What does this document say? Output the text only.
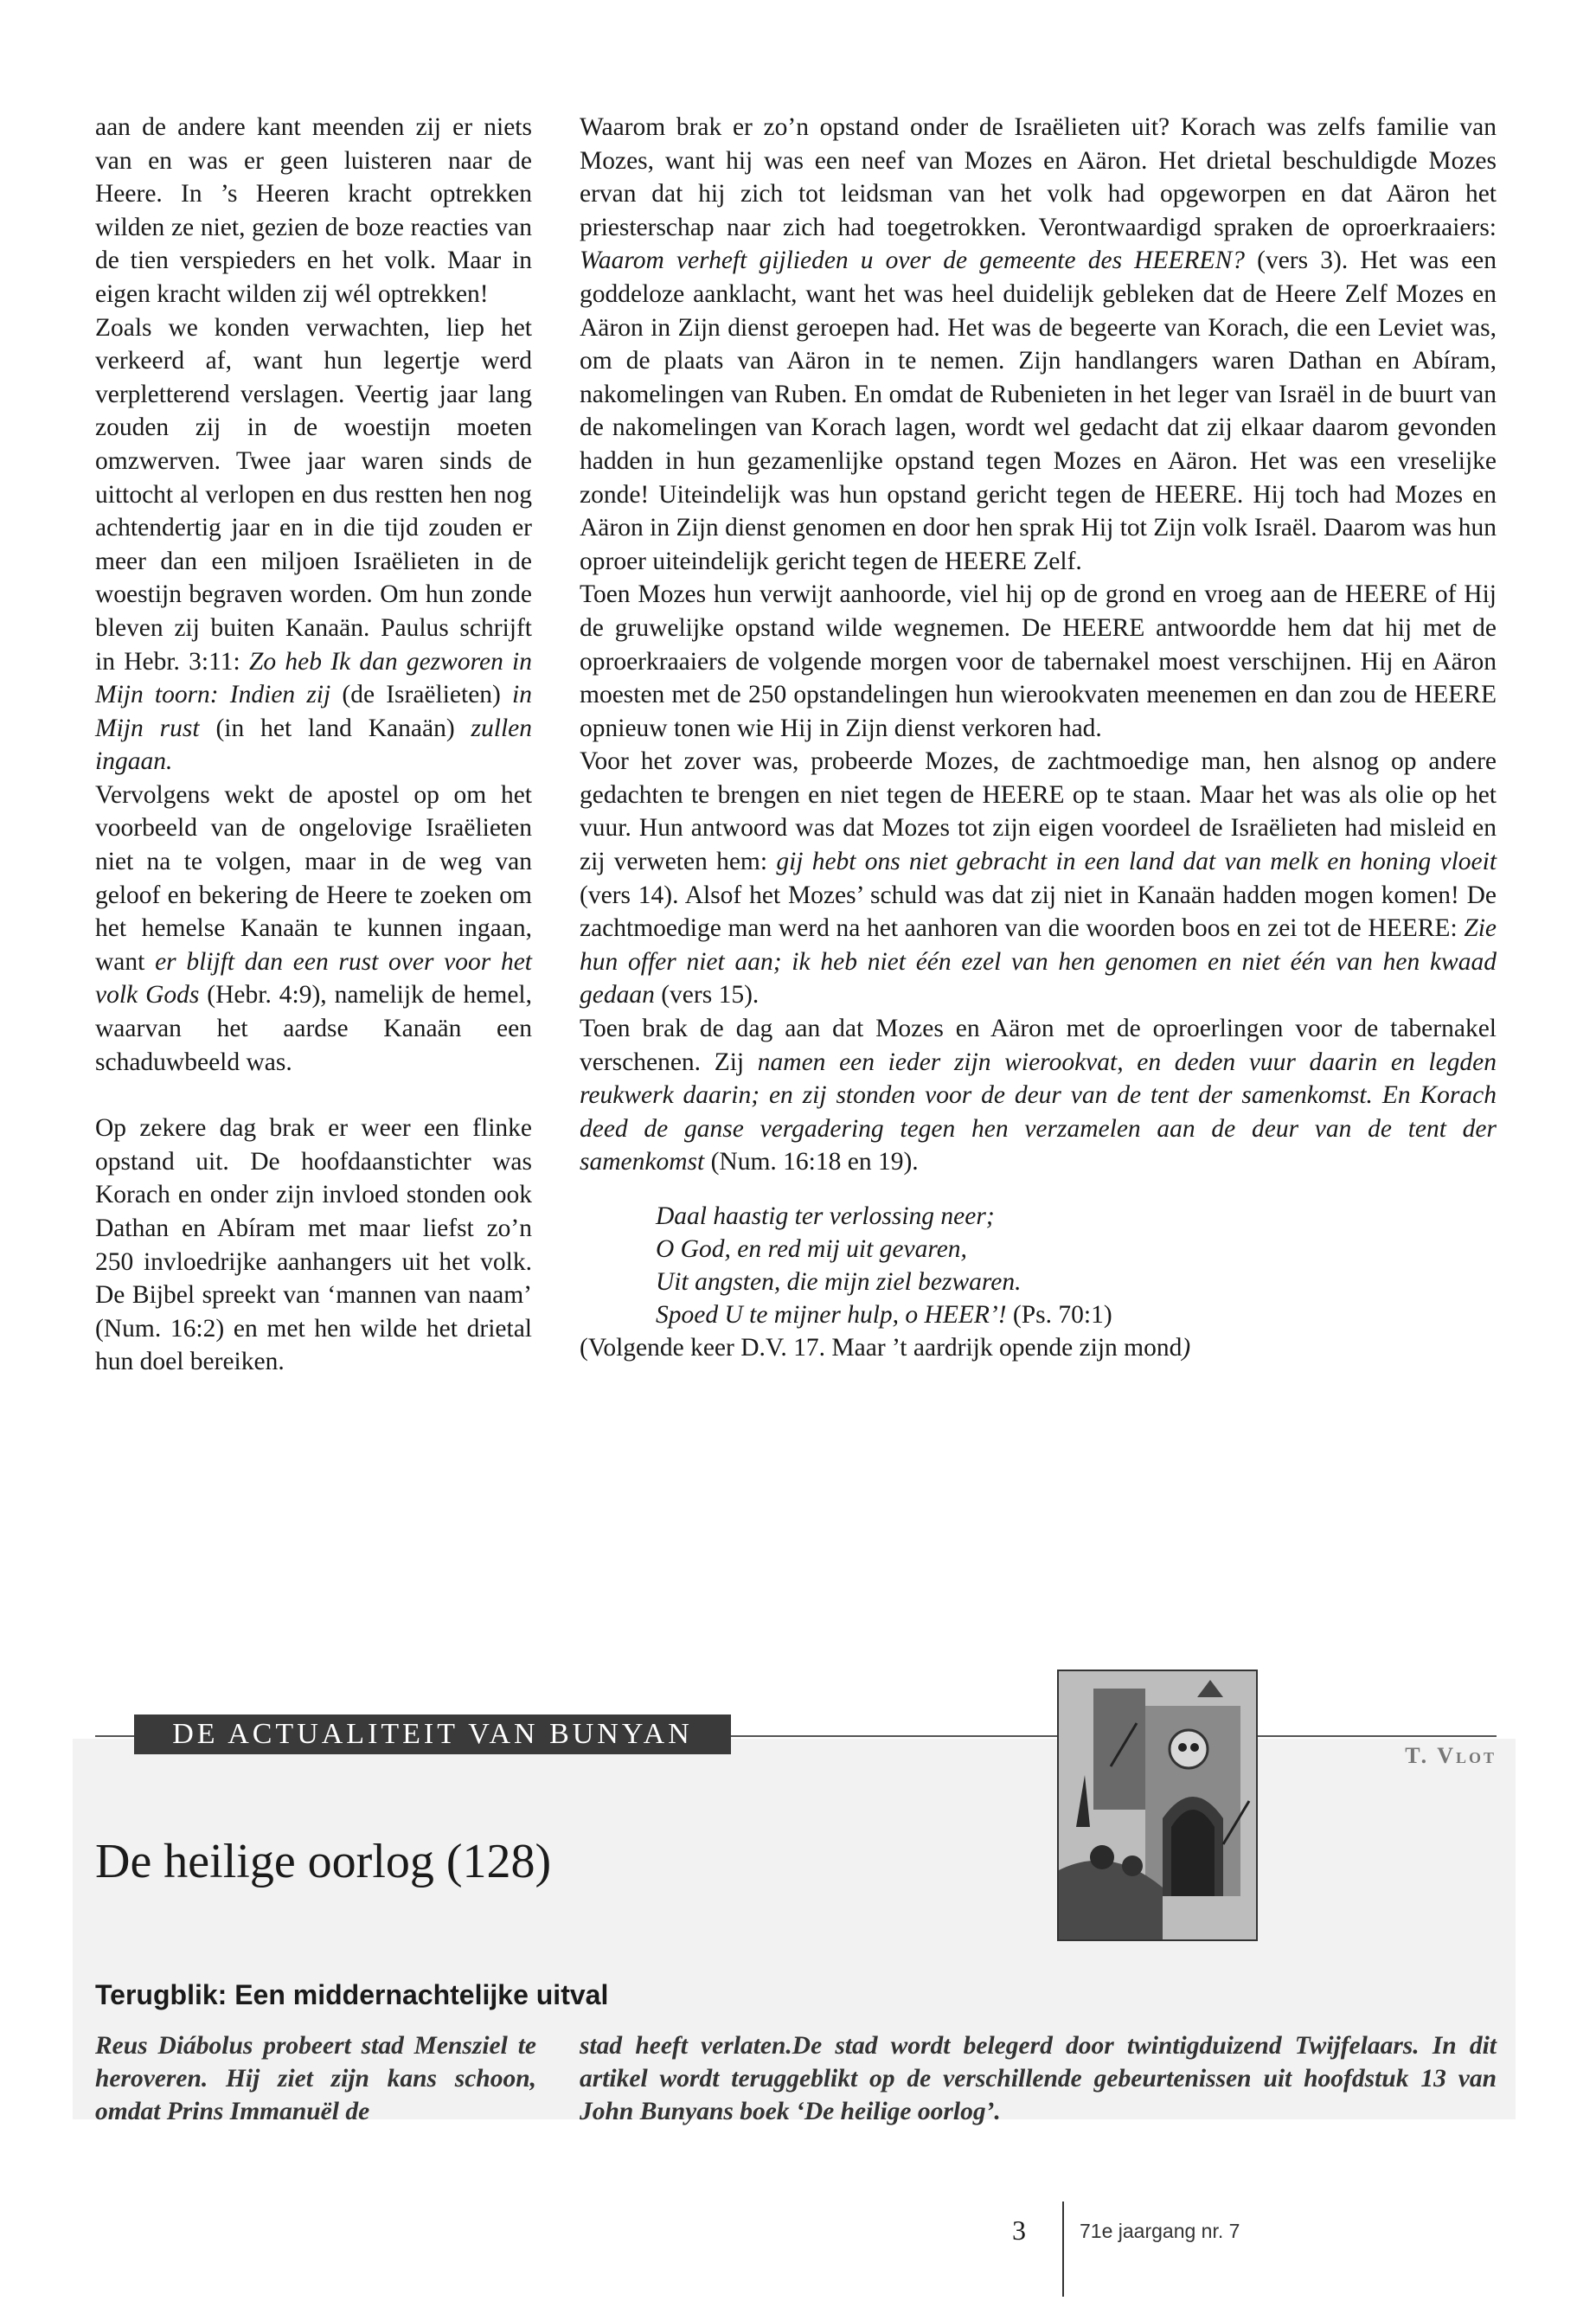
aan de andere kant meenden zij er niets van en was er geen luisteren naar de Heere. In ’s Heeren kracht optrekken wilden ze niet, gezien de boze reacties van de tien verspieders en het volk. Maar in eigen kracht wilden zij wél optrekken!

Zoals we konden verwachten, liep het verkeerd af, want hun legertje werd verpletterend verslagen. Veertig jaar lang zouden zij in de woestijn moeten omzwerven. Twee jaar waren sinds de uittocht al verlopen en dus restten hen nog achtendertig jaar en in die tijd zouden er meer dan een miljoen Israëlieten in de woestijn begraven worden. Om hun zonde bleven zij buiten Kanaän. Paulus schrijft in Hebr. 3:11: Zo heb Ik dan gezworen in Mijn toorn: Indien zij (de Israëlieten) in Mijn rust (in het land Kanaän) zullen ingaan.

Vervolgens wekt de apostel op om het voorbeeld van de ongelovige Israëlieten niet na te volgen, maar in de weg van geloof en bekering de Heere te zoeken om het hemelse Kanaän te kunnen ingaan, want er blijft dan een rust over voor het volk Gods (Hebr. 4:9), namelijk de hemel, waarvan het aardse Kanaän een schaduwbeeld was.

Op zekere dag brak er weer een flinke opstand uit. De hoofdaanstichter was Korach en onder zijn invloed stonden ook Dathan en Abíram met maar liefst zo’n 250 invloedrijke aanhangers uit het volk. De Bijbel spreekt van ‘mannen van naam’ (Num. 16:2) en met hen wilde het drietal hun doel bereiken.

Waarom brak er zo’n opstand onder de Israëlieten uit? Korach was zelfs familie van Mozes, want hij was een neef van Mozes en Aäron. Het drietal beschuldigde Mozes ervan dat hij zich tot leidsman van het volk had opgeworpen en dat Aäron het priesterschap naar zich had toegetrokken. Verontwaardigd spraken de oproerkraaiers: Waarom verheft gijlieden u over de gemeente des HEEREN? (vers 3). Het was een goddeloze aanklacht, want het was heel duidelijk gebleken dat de Heere Zelf Mozes en Aäron in Zijn dienst geroepen had. Het was de begeerte van Korach, die een Leviet was, om de plaats van Aäron in te nemen. Zijn handlangers waren Dathan en Abíram, nakomelingen van Ruben. En omdat de Rubenieten in het leger van Israël in de buurt van de nakomelingen van Korach lagen, wordt wel gedacht dat zij elkaar daarom gevonden hadden in hun gezamenlijke opstand tegen Mozes en Aäron. Het was een vreselijke zonde! Uiteindelijk was hun opstand gericht tegen de HEERE. Hij toch had Mozes en Aäron in Zijn dienst genomen en door hen sprak Hij tot Zijn volk Israël. Daarom was hun oproer uiteindelijk gericht tegen de HEERE Zelf.

Toen Mozes hun verwijt aanhoorde, viel hij op de grond en vroeg aan de HEERE of Hij de gruwelijke opstand wilde wegnemen. De HEERE antwoordde hem dat hij met de oproerkraaiers de volgende morgen voor de tabernakel moest verschijnen. Hij en Aäron moesten met de 250 opstandelingen hun wierookvaten meenemen en dan zou de HEERE opnieuw tonen wie Hij in Zijn dienst verkoren had.

Voor het zover was, probeerde Mozes, de zachtmoedige man, hen alsnog op andere gedachten te brengen en niet tegen de HEERE op te staan. Maar het was als olie op het vuur. Hun antwoord was dat Mozes tot zijn eigen voordeel de Israëlieten had misleid en zij verweten hem: gij hebt ons niet gebracht in een land dat van melk en honing vloeit (vers 14). Alsof het Mozes’ schuld was dat zij niet in Kanaän hadden mogen komen! De zachtmoedige man werd na het aanhoren van die woorden boos en zei tot de HEERE: Zie hun offer niet aan; ik heb niet één ezel van hen genomen en niet één van hen kwaad gedaan (vers 15).

Toen brak de dag aan dat Mozes en Aäron met de oproerlingen voor de tabernakel verschenen. Zij namen een ieder zijn wierookvat, en deden vuur daarin en legden reukwerk daarin; en zij stonden voor de deur van de tent der samenkomst. En Korach deed de ganse vergadering tegen hen verzamelen aan de deur van de tent der samenkomst (Num. 16:18 en 19).

Daal haastig ter verlossing neer;
O God, en red mij uit gevaren,
Uit angsten, die mijn ziel bezwaren.
Spoed U te mijner hulp, o HEER’! (Ps. 70:1)

(Volgende keer D.V. 17. Maar ’t aardrijk opende zijn mond)

DE ACTUALITEIT VAN BUNYAN
T. Vlot
De heilige oorlog (128)
Terugblik: Een middernachtelijke uitval
Reus Diábolus probeert stad Mensziel te heroveren. Hij ziet zijn kans schoon, omdat Prins Immanuël de
stad heeft verlaten.De stad wordt belegerd door twintigduizend Twijfelaars. In dit artikel wordt teruggeblikt op de verschillende gebeurtenissen uit hoofdstuk 13 van John Bunyans boek ‘De heilige oorlog’.
3	71e jaargang nr. 7
